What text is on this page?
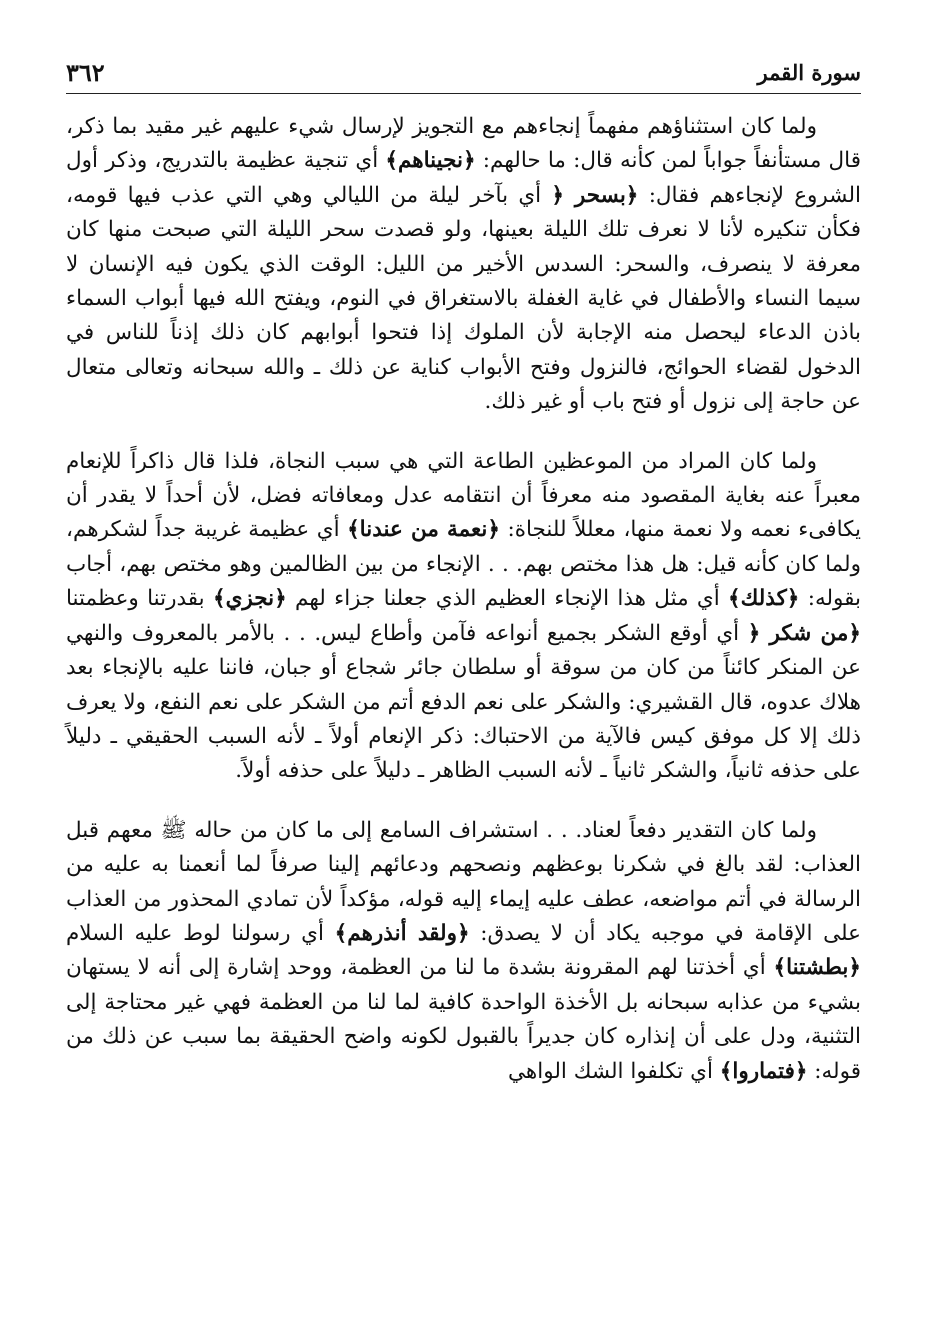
٣٦٢	سورة القمر

ولما كان استثناؤهم مفهماً إنجاءهم مع التجويز لإرسال شيء عليهم غير مقيد بما ذكر، قال مستأنفاً جواباً لمن كأنه قال: ما حالهم: ﴿نجيناهم﴾ أي تنجية عظيمة بالتدريج، وذكر أول الشروع لإنجاءهم فقال: ﴿بسحر ﴿ أي بآخر ليلة من الليالي وهي التي عذب فيها قومه، فكأن تنكيره لأنا لا نعرف تلك الليلة بعينها، ولو قصدت سحر الليلة التي صبحت منها كان معرفة لا ينصرف، والسحر: السدس الأخير من الليل: الوقت الذي يكون فيه الإنسان لا سيما النساء والأطفال في غاية الغفلة بالاستغراق في النوم، ويفتح الله فيها أبواب السماء باذن الدعاء ليحصل منه الإجابة لأن الملوك إذا فتحوا أبوابهم كان ذلك إذناً للناس في الدخول لقضاء الحوائج، فالنزول وفتح الأبواب كناية عن ذلك ـ والله سبحانه وتعالى متعال عن حاجة إلى نزول أو فتح باب أو غير ذلك.

ولما كان المراد من الموعظين الطاعة التي هي سبب النجاة، فلذا قال ذاكراً للإنعام معبراً عنه بغاية المقصود منه معرفاً أن انتقامه عدل ومعافاته فضل، لأن أحداً لا يقدر أن يكافىء نعمه ولا نعمة منها، معللاً للنجاة: ﴿نعمة من عندنا﴾ أي عظيمة غريبة جداً لشكرهم، ولما كان كأنه قيل: هل هذا مختص بهم. . . الإنجاء من بين الظالمين وهو مختص بهم، أجاب بقوله: ﴿كذلك﴾ أي مثل هذا الإنجاء العظيم الذي جعلنا جزاء لهم ﴿نجزي﴾ بقدرتنا وعظمتنا ﴿من شكر ﴿ أي أوقع الشكر بجميع أنواعه فآمن وأطاع ليس. . . بالأمر بالمعروف والنهي عن المنكر كائناً من كان من سوقة أو سلطان جائر شجاع أو جبان، فاننا عليه بالإنجاء بعد هلاك عدوه، قال القشيري: والشكر على نعم الدفع أتم من الشكر على نعم النفع، ولا يعرف ذلك إلا كل موفق كيس فالآية من الاحتباك: ذكر الإنعام أولاً ـ لأنه السبب الحقيقي ـ دليلاً على حذفه ثانياً، والشكر ثانياً ـ لأنه السبب الظاهر ـ دليلاً على حذفه أولاً.

ولما كان التقدير دفعاً لعناد. . . استشراف السامع إلى ما كان من حاله ﷺ معهم قبل العذاب: لقد بالغ في شكرنا بوعظهم ونصحهم ودعائهم إلينا صرفاً لما أنعمنا به عليه من الرسالة في أتم مواضعه، عطف عليه إيماء إليه قوله، مؤكداً لأن تمادي المحذور من العذاب على الإقامة في موجبه يكاد أن لا يصدق: ﴿ولقد أنذرهم﴾ أي رسولنا لوط عليه السلام ﴿بطشتنا﴾ أي أخذتنا لهم المقرونة بشدة ما لنا من العظمة، ووحد إشارة إلى أنه لا يستهان بشيء من عذابه سبحانه بل الأخذة الواحدة كافية لما لنا من العظمة فهي غير محتاجة إلى التثنية، ودل على أن إنذاره كان جديراً بالقبول لكونه واضح الحقيقة بما سبب عن ذلك من قوله: ﴿فتماروا﴾ أي تكلفوا الشك الواهي
